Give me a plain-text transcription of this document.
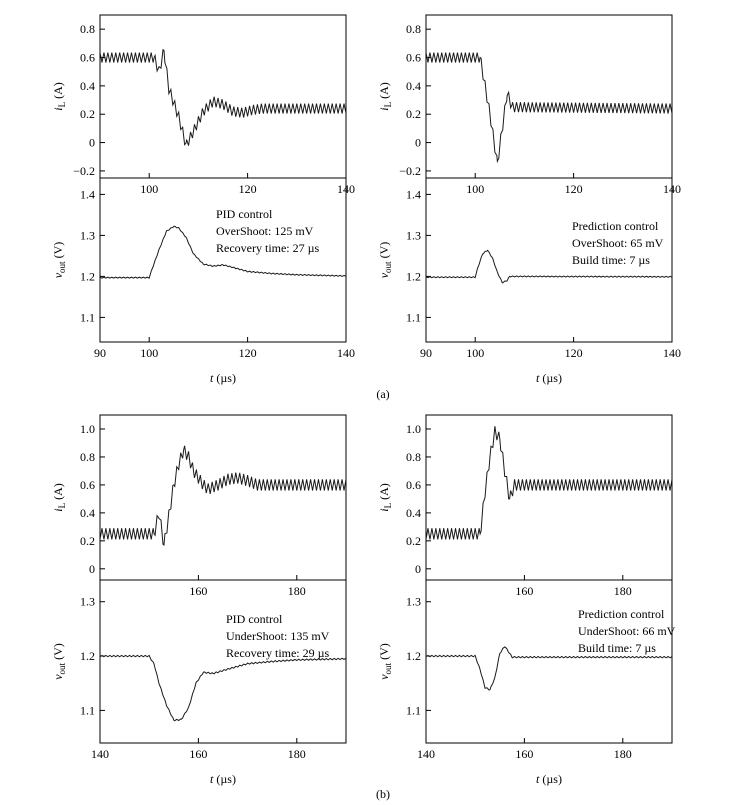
100	120	140
−0.2
0
0.2
0.4
0.6
0.8
$i_L$ (A)
90	100	120	140
1.1
1.2
1.3
1.4
$v_{out}$ (V)
t (µs)
PID control
OverShoot: 125 mV
Recovery time: 27 µs
100	120	140
−0.2
0
0.2
0.4
0.6
0.8
$i_L$ (A)
90	100	120	140
1.1
1.2
1.3
1.4
$v_{out}$ (V)
t (µs)
Prediction control
OverShoot: 65 mV
Build time: 7 µs
160	180
0
0.2
0.4
0.6
0.8
1.0
$i_L$ (A)
140	160	180
1.1
1.2
1.3
$v_{out}$ (V)
t (µs)
PID control
UnderShoot: 135 mV
Recovery time: 29 µs
160	180
0
0.2
0.4
0.6
0.8
1.0
$i_L$ (A)
140	160	180
1.1
1.2
1.3
$v_{out}$ (V)
t (µs)
Prediction control
UnderShoot: 66 mV
Build time: 7 µs
(a)
(b)
